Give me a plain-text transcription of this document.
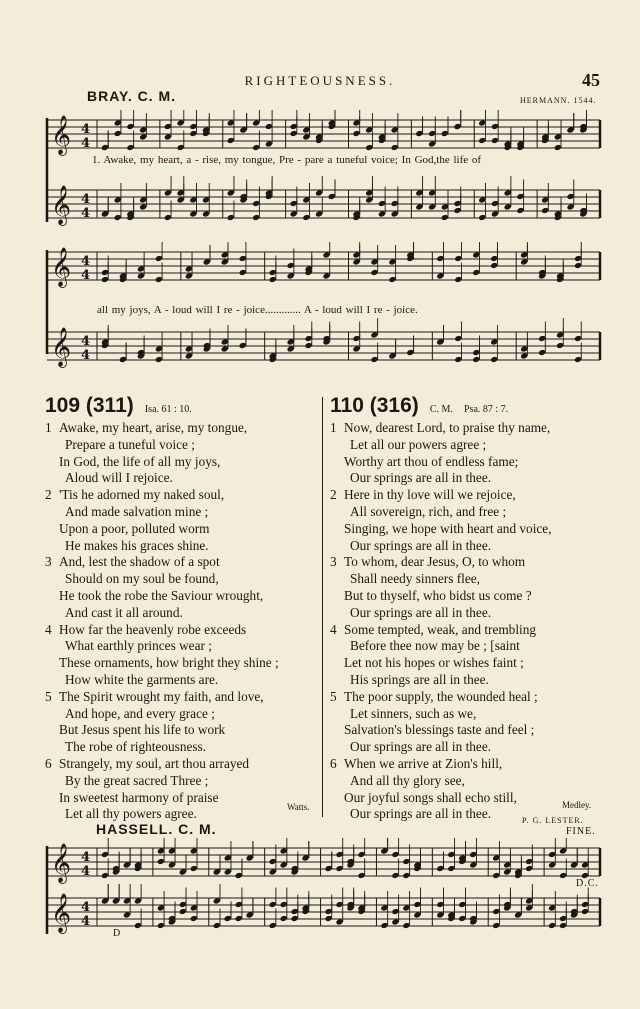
RIGHTEOUSNESS.	45
BRAY. C. M.	HERMANN. 1544.
𝄞 4
4
𝄞 4
4
1. Awake, my heart, a - rise, my tongue, Pre - pare a tuneful voice; In God,the life of
𝄞 4
4
𝄞 4
4
all my joys, A - loud will I re - joice............. A - loud will I re - joice.
109 (311) Isa. 61 : 10.
1 Awake, my heart, arise, my tongue,
Prepare a tuneful voice ;
In God, the life of all my joys,
Aloud will I rejoice.
2 'Tis he adorned my naked soul,
And made salvation mine ;
Upon a poor, polluted worm
He makes his graces shine.
3 And, lest the shadow of a spot
Should on my soul be found,
He took the robe the Saviour wrought,
And cast it all around.
4 How far the heavenly robe exceeds
What earthly princes wear ;
These ornaments, how bright they shine ;
How white the garments are.
5 The Spirit wrought my faith, and love,
And hope, and every grace ;
But Jesus spent his life to work
The robe of righteousness.
6 Strangely, my soul, art thou arrayed
By the great sacred Three ;
In sweetest harmony of praise
Let all thy powers agree.	Watts.
110 (316) C. M. Psa. 87 : 7.
1 Now, dearest Lord, to praise thy name,
Let all our powers agree ;
Worthy art thou of endless fame;
Our springs are all in thee.
2 Here in thy love will we rejoice,
All sovereign, rich, and free ;
Singing, we hope with heart and voice,
Our springs are all in thee.
3 To whom, dear Jesus, O, to whom
Shall needy sinners flee,
But to thyself, who bidst us come ?
Our springs are all in thee.
4 Some tempted, weak, and trembling
Before thee now may be ; [saint
Let not his hopes or wishes faint ;
His springs are all in thee.
5 The poor supply, the wounded heal ;
Let sinners, such as we,
Salvation's blessings taste and feel ;
Our springs are all in thee.
6 When we arrive at Zion's hill,
And all thy glory see,
Our joyful songs shall echo still,
Our springs are all in thee.
Medley.
HASSELL. C. M.
P. G. LESTER.
FINE.
𝄞 4
4
𝄞 4
4
D.C.
D
